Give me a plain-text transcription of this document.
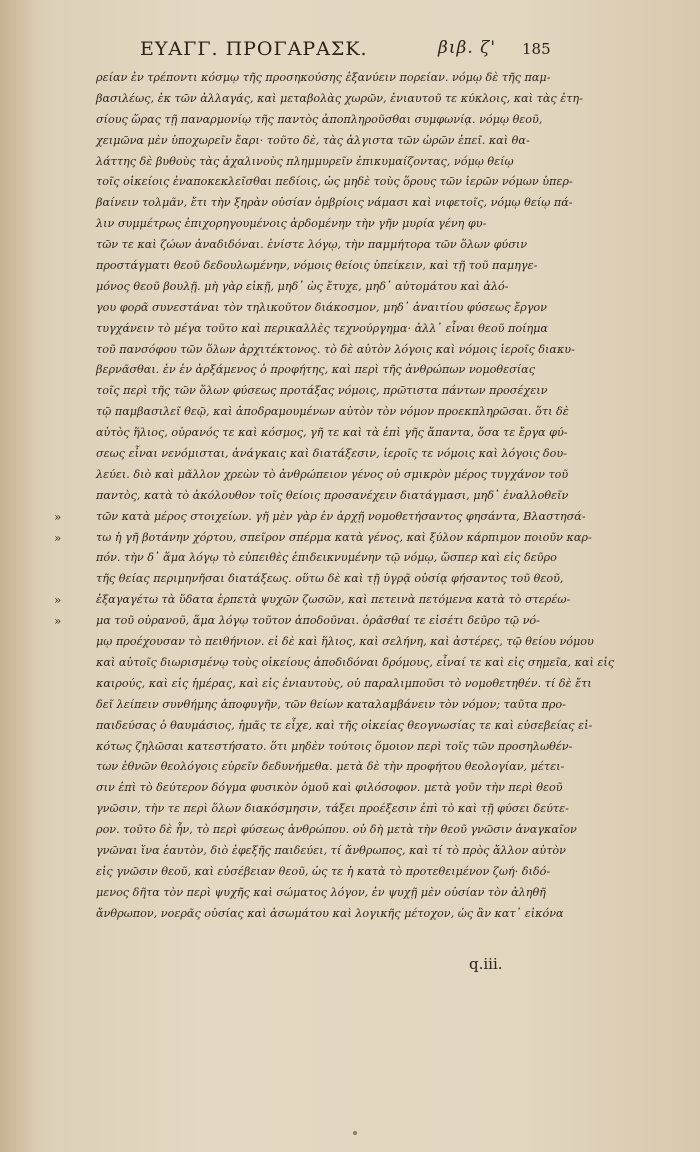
ΕΥΑΓΓ. ΠΡΟΓΑΡΑΣΚ.	βιβ. ζ' 185
ρείαν ἐν τρέποντι κόσμῳ τῆς προσηκούσης ἐξανύειν πορείαν. νόμῳ δὲ τῆς παμ-
βασιλέως, ἐκ τῶν ἀλλαγάς, καὶ μεταβολὰς χωρῶν, ἐνιαυτοῦ τε κύκλοις, καὶ τὰς ἐτη-
σίους ὥρας τῇ παναρμονίῳ τῆς παντὸς ἀποπληροῦσθαι συμφωνίᾳ. νόμῳ θεοῦ,
χειμῶνα μὲν ὑποχωρεῖν ἔαρι· τοῦτο δὲ, τὰς ἀλγιστα τῶν ὡρῶν ἐπεῖ. καὶ θα-
λάττης δὲ βυθοὺς τὰς ἀχαλινοὺς πλημμυρεῖν ἐπικυμαίζοντας, νόμῳ θείῳ
τοῖς οἰκείοις ἐναποκεκλεῖσθαι πεδίοις, ὡς μηδὲ τοὺς ὅρους τῶν ἱερῶν νόμων ὑπερ-
βαίνειν τολμᾶν, ἔτι τὴν ξηρὰν οὐσίαν ὀμβρίοις νάμασι καὶ νιφετοῖς, νόμῳ θείῳ πά-
λιν συμμέτρως ἐπιχορηγουμένοις ἀρδομένην τὴν γῆν μυρία γένη φυ-
τῶν τε καὶ ζώων ἀναδιδόναι. ἐνίστε λόγῳ, τὴν παμμήτορα τῶν ὅλων φύσιν
προστάγματι θεοῦ δεδουλωμένην, νόμοις θείοις ὑπείκειν, καὶ τῇ τοῦ παμηγε-
μόνος θεοῦ βουλῇ. μὴ γὰρ εἰκῇ, μηδ᾽ ὡς ἔτυχε, μηδ᾽ αὐτομάτου καὶ ἀλό-
γου φορᾶ συνεστάναι τὸν τηλικοῦτον διάκοσμον, μηδ᾽ ἀναιτίου φύσεως ἔργον
τυγχάνειν τὸ μέγα τοῦτο καὶ περικαλλὲς τεχνούργημα· ἀλλ᾽ εἶναι θεοῦ ποίημα
τοῦ πανσόφου τῶν ὅλων ἀρχιτέκτονος. τὸ δὲ αὐτὸν λόγοις καὶ νόμοις ἱεροῖς διακυ-
βερνᾶσθαι. ἐν ἐν ἀρξάμενος ὁ προφήτης, καὶ περὶ τῆς ἀνθρώπων νομοθεσίας
τοῖς περὶ τῆς τῶν ὅλων φύσεως προτάξας νόμοις, πρῶτιστα πάντων προσέχειν
τῷ παμβασιλεῖ θεῷ, καὶ ἀποδραμουμένων αὐτὸν τὸν νόμον προεκπληρῶσαι. ὅτι δὲ
αὐτὸς ἥλιος, οὐρανός τε καὶ κόσμος, γῆ τε καὶ τὰ ἐπὶ γῆς ἅπαντα, ὅσα τε ἔργα φύ-
σεως εἶναι νενόμισται, ἀνάγκαις καὶ διατάξεσιν, ἱεροῖς τε νόμοις καὶ λόγοις δου-
λεύει. διὸ καὶ μᾶλλον χρεὼν τὸ ἀνθρώπειον γένος οὐ σμικρὸν μέρος τυγχάνον τοῦ
παντὸς, κατὰ τὸ ἀκόλουθον τοῖς θείοις προσανέχειν διατάγμασι, μηδ᾽ ἐναλλοθεῖν
»	τῶν κατὰ μέρος στοιχείων. γῆ μὲν γὰρ ἐν ἀρχῇ νομοθετήσαντος φησάντα, Βλαστησά-
»	τω ἡ γῆ βοτάνην χόρτου, σπεῖρον σπέρμα κατὰ γένος, καὶ ξύλον κάρπιμον ποιοῦν καρ-
πόν. τὴν δ᾽ ἅμα λόγῳ τὸ εὐπειθὲς ἐπιδεικνυμένην τῷ νόμῳ, ὥσπερ καὶ εἰς δεῦρο
τῆς θείας περιμηνῆσαι διατάξεως. οὕτω δὲ καὶ τῇ ὑγρᾷ οὐσίᾳ φήσαντος τοῦ θεοῦ,
»	ἐξαγαγέτω τὰ ὕδατα ἑρπετὰ ψυχῶν ζωσῶν, καὶ πετεινὰ πετόμενα κατὰ τὸ στερέω-
»	μα τοῦ οὐρανοῦ, ἅμα λόγῳ τοῦτον ἀποδοῦναι. ὁρᾶσθαί τε εἰσέτι δεῦρο τῷ νό-
μῳ προέχουσαν τὸ πειθήνιον. εἰ δὲ καὶ ἥλιος, καὶ σελήνη, καὶ ἀστέρες, τῷ θείου νόμου
καὶ αὐτοῖς διωρισμένῳ τοὺς οἰκείους ἀποδιδόναι δρόμους, εἶναί τε καὶ εἰς σημεῖα, καὶ εἰς
καιρούς, καὶ εἰς ἡμέρας, καὶ εἰς ἐνιαυτοὺς, οὐ παραλιμποῦσι τὸ νομοθετηθέν. τί δὲ ἔτι
δεῖ λείπειν συνθήμης ἀποφυγῆν, τῶν θείων καταλαμβάνειν τὸν νόμον; ταῦτα προ-
παιδεύσας ὁ θαυμάσιος, ἡμᾶς τε εἶχε, καὶ τῆς οἰκείας θεογνωσίας τε καὶ εὐσεβείας εἰ-
κότως ζηλῶσαι κατεστήσατο. ὅτι μηδὲν τούτοις ὅμοιον περὶ τοῖς τῶν προσηλωθέν-
των ἐθνῶν θεολόγοις εὑρεῖν δεδυνήμεθα. μετὰ δὲ τὴν προφήτου θεολογίαν, μέτει-
σιν ἐπὶ τὸ δεύτερον δόγμα φυσικὸν ὁμοῦ καὶ φιλόσοφον. μετὰ γοῦν τὴν περὶ θεοῦ
γνῶσιν, τὴν τε περὶ ὅλων διακόσμησιν, τάξει προέξεσιν ἐπὶ τὸ καὶ τῇ φύσει δεύτε-
ρον. τοῦτο δὲ ἦν, τὸ περὶ φύσεως ἀνθρώπου. οὐ δὴ μετὰ τὴν θεοῦ γνῶσιν ἀναγκαῖον
γνῶναι ἵνα ἑαυτὸν, διὸ ἐφεξῆς παιδεύει, τί ἄνθρωπος, καὶ τί τὸ πρὸς ἄλλον αὐτὸν
εἰς γνῶσιν θεοῦ, καὶ εὐσέβειαν θεοῦ, ὡς τε ἡ κατὰ τὸ προτεθειμένον ζωή· διδό-
μενος δῆτα τὸν περὶ ψυχῆς καὶ σώματος λόγον, ἐν ψυχῇ μὲν οὐσίαν τὸν ἀληθῆ
ἄνθρωπον, νοερᾶς οὐσίας καὶ ἀσωμάτου καὶ λογικῆς μέτοχον, ὡς ἂν κατ᾽ εἰκόνα
q.iii.
